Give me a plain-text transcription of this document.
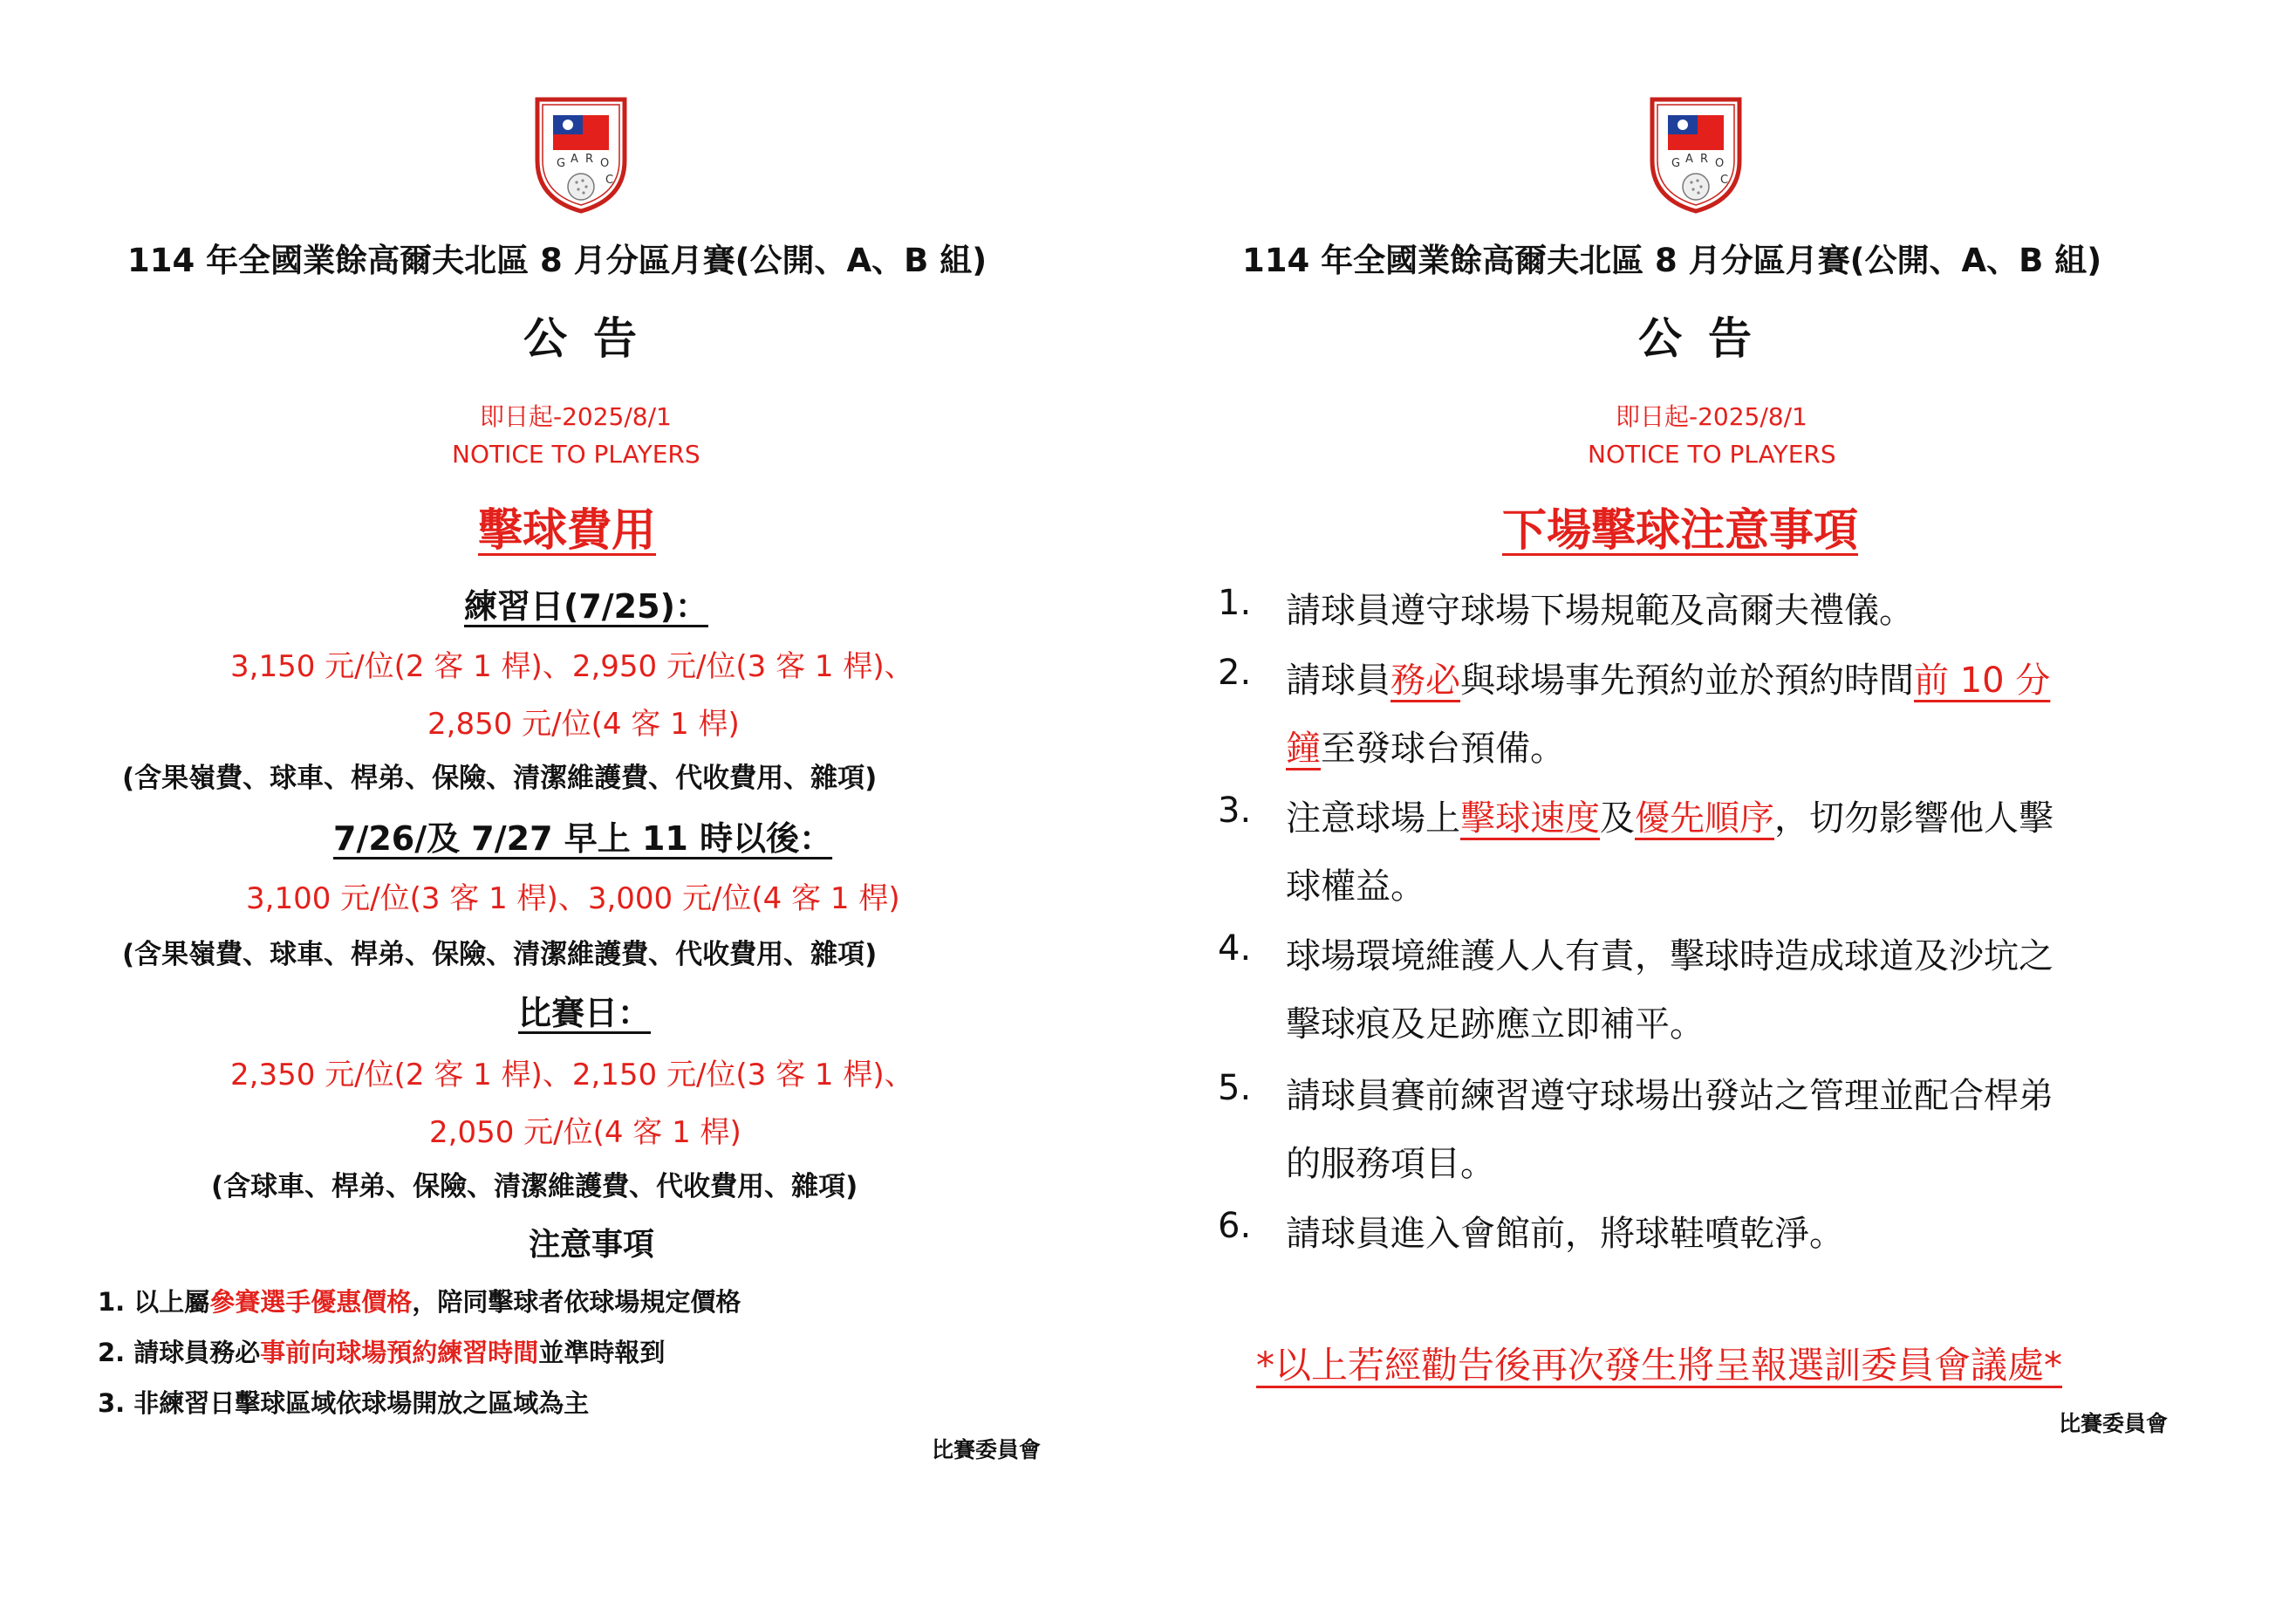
G A R O
C
114 年全國業餘高爾夫北區 8 月分區月賽(公開、A、B 組)
公告
即日起-2025/8/1
NOTICE TO PLAYERS
擊球費用
練習日(7/25)：
3,150 元/位(2 客 1 桿)、2,950 元/位(3 客 1 桿)、
2,850 元/位(4 客 1 桿)
(含果嶺費、球車、桿弟、保險、清潔維護費、代收費用、雜項)
7/26/及 7/27 早上 11 時以後：
3,100 元/位(3 客 1 桿)、3,000 元/位(4 客 1 桿)
(含果嶺費、球車、桿弟、保險、清潔維護費、代收費用、雜項)
比賽日：
2,350 元/位(2 客 1 桿)、2,150 元/位(3 客 1 桿)、
2,050 元/位(4 客 1 桿)
(含球車、桿弟、保險、清潔維護費、代收費用、雜項)
注意事項
1. 以上屬參賽選手優惠價格，陪同擊球者依球場規定價格
2. 請球員務必事前向球場預約練習時間並準時報到
3. 非練習日擊球區域依球場開放之區域為主
比賽委員會
G A R O
C
114 年全國業餘高爾夫北區 8 月分區月賽(公開、A、B 組)
公告
即日起-2025/8/1
NOTICE TO PLAYERS
下場擊球注意事項
1. 請球員遵守球場下場規範及高爾夫禮儀。
2. 請球員務必與球場事先預約並於預約時間前 10 分
鐘至發球台預備。
3. 注意球場上擊球速度及優先順序，切勿影響他人擊
球權益。
4. 球場環境維護人人有責，擊球時造成球道及沙坑之
擊球痕及足跡應立即補平。
5. 請球員賽前練習遵守球場出發站之管理並配合桿弟
的服務項目。
6. 請球員進入會館前，將球鞋噴乾淨。
*以上若經勸告後再次發生將呈報選訓委員會議處*
比賽委員會
